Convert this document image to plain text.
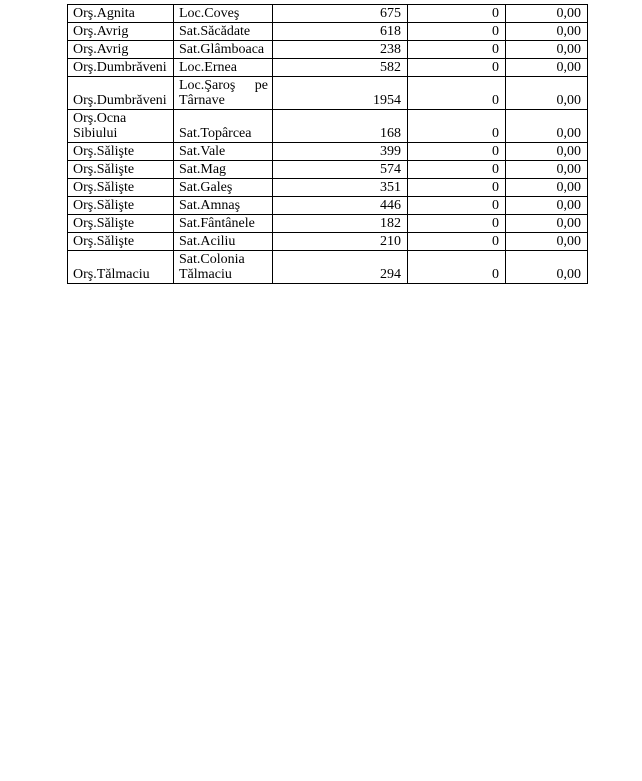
Orş.Agnita	Loc.Coveş	675	0	0,00
Orş.Avrig	Sat.Săcădate	618	0	0,00
Orş.Avrig	Sat.Glâmboaca	238	0	0,00
Orş.Dumbrăveni	Loc.Ernea	582	0	0,00
Orş.Dumbrăveni	Loc.Şaroş pe Târnave	1954	0	0,00
Orş.Ocna Sibiului	Sat.Topârcea	168	0	0,00
Orş.Sălişte	Sat.Vale	399	0	0,00
Orş.Sălişte	Sat.Mag	574	0	0,00
Orş.Sălişte	Sat.Galeş	351	0	0,00
Orş.Sălişte	Sat.Amnaş	446	0	0,00
Orş.Sălişte	Sat.Fântânele	182	0	0,00
Orş.Sălişte	Sat.Aciliu	210	0	0,00
Orş.Tălmaciu	Sat.Colonia Tălmaciu	294	0	0,00
